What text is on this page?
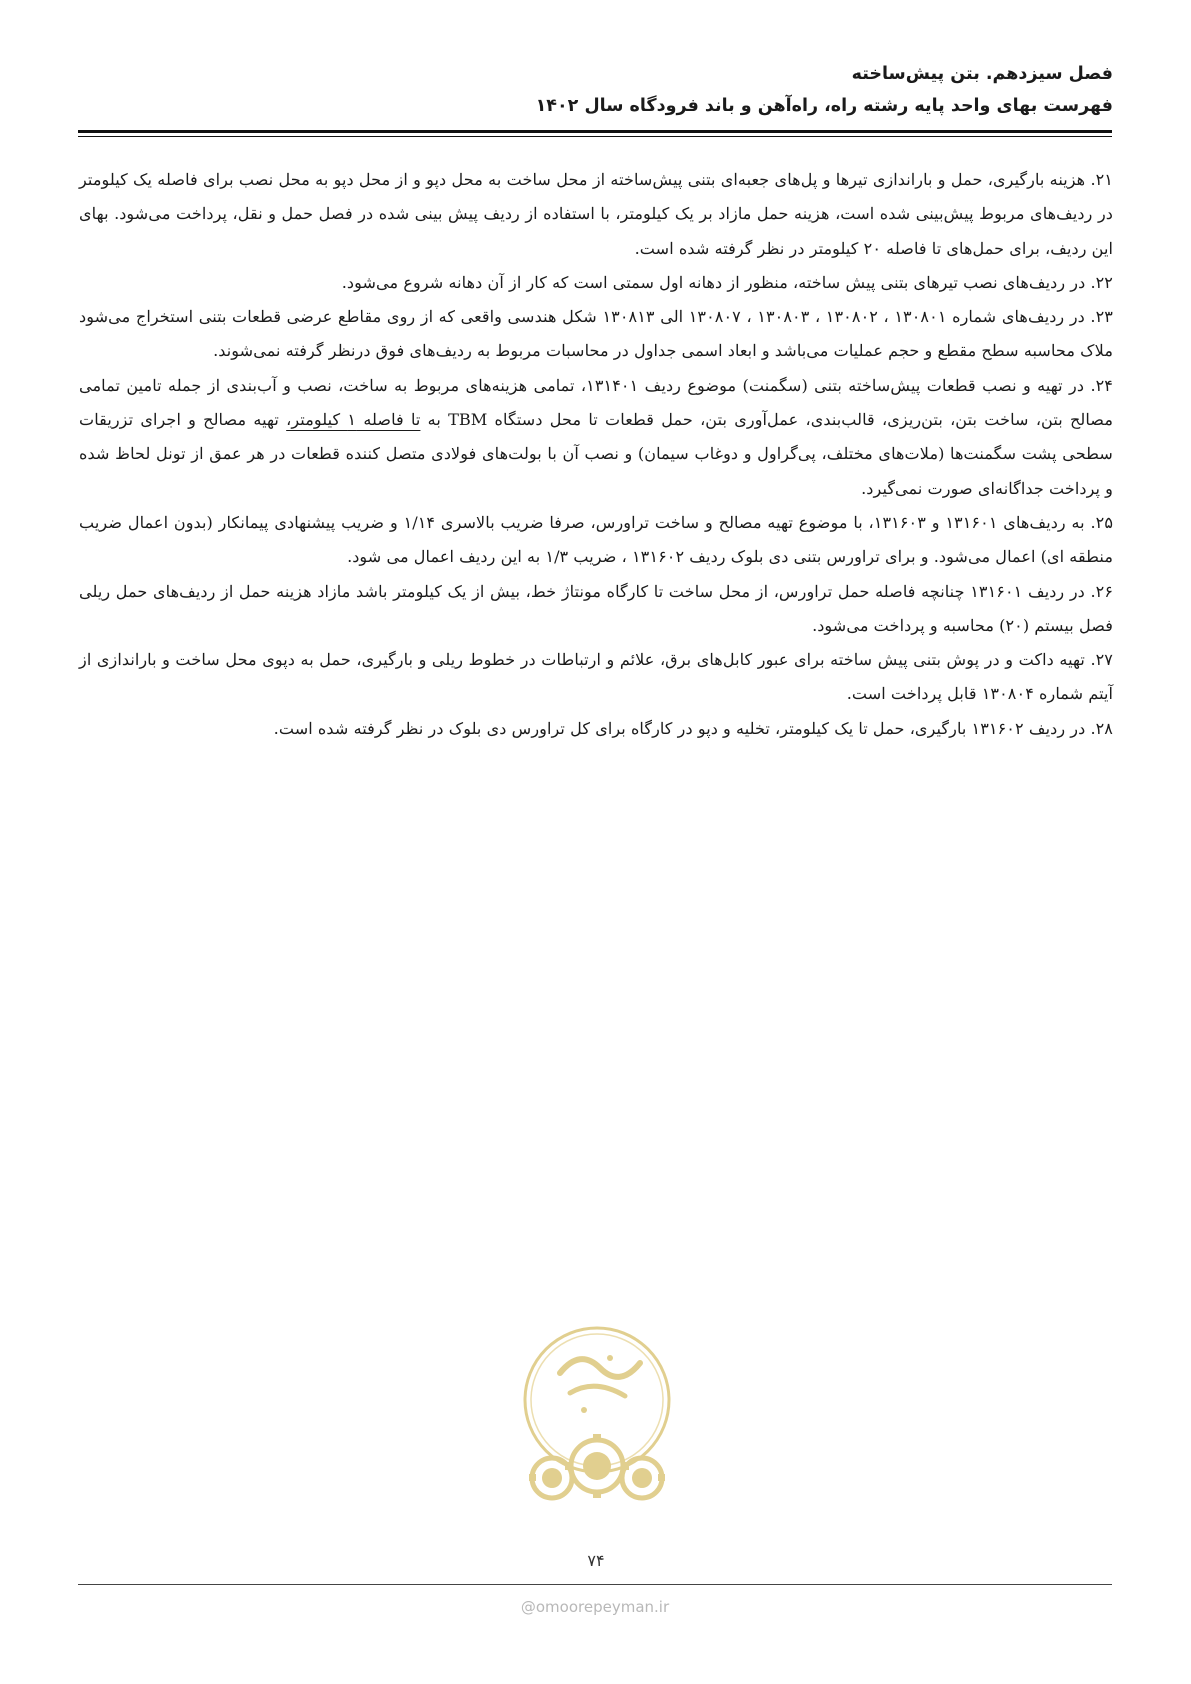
فصل سیزدهم. بتن پیش‌ساخته
فهرست بهای واحد پایه رشته راه، راه‌آهن و باند فرودگاه سال ۱۴۰۲

۲۱. هزینه بارگیری، حمل و باراندازی تیرها و پل‌های جعبه‌ای بتنی پیش‌ساخته از محل ساخت به محل دپو و از محل دپو به محل نصب برای فاصله یک کیلومتر در ردیف‌های مربوط پیش‌بینی شده است، هزینه حمل مازاد بر یک کیلومتر، با استفاده از ردیف پیش بینی شده در فصل حمل و نقل، پرداخت می‌شود. بهای این ردیف، برای حمل‌های تا فاصله ۲۰ کیلومتر در نظر گرفته شده است.

۲۲. در ردیف‌های نصب تیرهای بتنی پیش ساخته، منظور از دهانه اول سمتی است که کار از آن دهانه شروع می‌شود.

۲۳. در ردیف‌های شماره ۱۳۰۸۰۱ ، ۱۳۰۸۰۲ ، ۱۳۰۸۰۳ ، ۱۳۰۸۰۷ الی ۱۳۰۸۱۳ شکل هندسی واقعی که از روی مقاطع عرضی قطعات بتنی استخراج می‌شود ملاک محاسبه سطح مقطع و حجم عملیات می‌باشد و ابعاد اسمی جداول در محاسبات مربوط به ردیف‌های فوق درنظر گرفته نمی‌شوند.

۲۴. در تهیه و نصب قطعات پیش‌ساخته بتنی (سگمنت) موضوع ردیف ۱۳۱۴۰۱، تمامی هزینه‌های مربوط به ساخت، نصب و آب‌بندی از جمله تامین تمامی مصالح بتن، ساخت بتن، بتن‌ریزی، قالب‌بندی، عمل‌آوری بتن، حمل قطعات تا محل دستگاه TBM به تا فاصله ۱ کیلومتر، تهیه مصالح و اجرای تزریقات سطحی پشت سگمنت‌ها (ملات‌های مختلف، پی‌گراول و دوغاب سیمان) و نصب آن با بولت‌های فولادی متصل کننده قطعات در هر عمق از تونل لحاظ شده و پرداخت جداگانه‌ای صورت نمی‌گیرد.

۲۵. به ردیف‌های ۱۳۱۶۰۱ و ۱۳۱۶۰۳، با موضوع تهیه مصالح و ساخت تراورس، صرفا ضریب بالاسری ۱/۱۴ و ضریب پیشنهادی پیمانکار (بدون اعمال ضریب منطقه ای) اعمال می‌شود. و برای تراورس بتنی دی بلوک ردیف ۱۳۱۶۰۲ ، ضریب ۱/۳ به این ردیف اعمال می شود.

۲۶. در ردیف ۱۳۱۶۰۱ چنانچه فاصله حمل تراورس، از محل ساخت تا کارگاه مونتاژ خط، بیش از یک کیلومتر باشد مازاد هزینه حمل از ردیف‌های حمل ریلی فصل بیستم (۲۰) محاسبه و پرداخت می‌شود.

۲۷. تهیه داکت و در پوش بتنی پیش ساخته برای عبور کابل‌های برق، علائم و ارتباطات در خطوط ریلی و بارگیری، حمل به دپوی محل ساخت و باراندازی از آیتم شماره ۱۳۰۸۰۴ قابل پرداخت است.

۲۸. در ردیف ۱۳۱۶۰۲ بارگیری، حمل تا یک کیلومتر، تخلیه و دپو در کارگاه برای کل تراورس دی بلوک در نظر گرفته شده است.

۷۴
@omoorepeyman.ir
